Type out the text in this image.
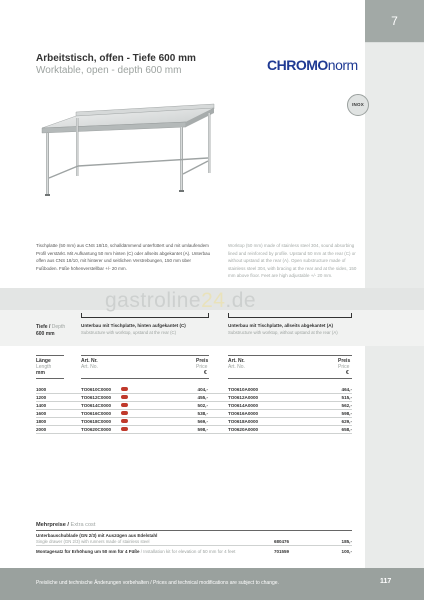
7
Arbeitstisch, offen - Tiefe 600 mm
Worktable, open - depth 600 mm	CHROMOnorm
INOX
Tischplatte (50 mm) aus CNS 18/10, schalldämmend unterfüttert und mit umlaufendem Profil verstärkt. Mit Aufkantung 50 mm hinten (C) oder allseits abgekantet (A). Unterbau offen aus CNS 18/10, mit hinterer und seitlichen Verstrebungen, 150 mm über Fußboden. Füße höhenverstellbar +/- 20 mm.
Worktop (50 mm) made of stainless steel 304, sound absorbing lined and reinforced by profile. Upstand 50 mm at the rear (C) or without upstand at the rear (A). Open substructure made of stainless steel 304, with bracing at the rear and at the sides, 150 mm above floor. Feet are high adjustable +/- 20 mm.
gastroline24.de
Tiefe / Depth
600 mm
Unterbau mit Tischplatte, hinten aufgekantet (C)
Substructure with worktop, upstand at the rear (C)
Unterbau mit Tischplatte, allseits abgekantet (A)
Substructure with worktop, without upstand at the rear (A)
Länge
Length
mm
Art. Nr.
Art. No.
Preis
Price
€
Art. Nr.
Art. No.
Preis
Price
€
1000	TO0610C0000	404,-	TO0610A0000	464,-
1200	TO0612C0000	455,-	TO0612A0000	515,-
1400	TO0614C0000	502,-	TO0614A0000	562,-
1600	TO0616C0000	538,-	TO0616A0000	598,-
1800	TO0618C0000	569,-	TO0618A0000	629,-
2000	TO0620C0000	598,-	TO0620A0000	658,-
Mehrpreise / Extra cost
Unterbauschublade (GN 2/3) mit Auszügen aus Edelstahl
Single drawer (GN 2/3) with runners made of stainless steel	680476	185,-
Montagesatz für Erhöhung um 50 mm für 4 Füße / Installation kit for elevation of 50 mm for 4 feet	701559	100,-
Preisliche und technische Änderungen vorbehalten / Prices and technical modifications are subject to change.	117
